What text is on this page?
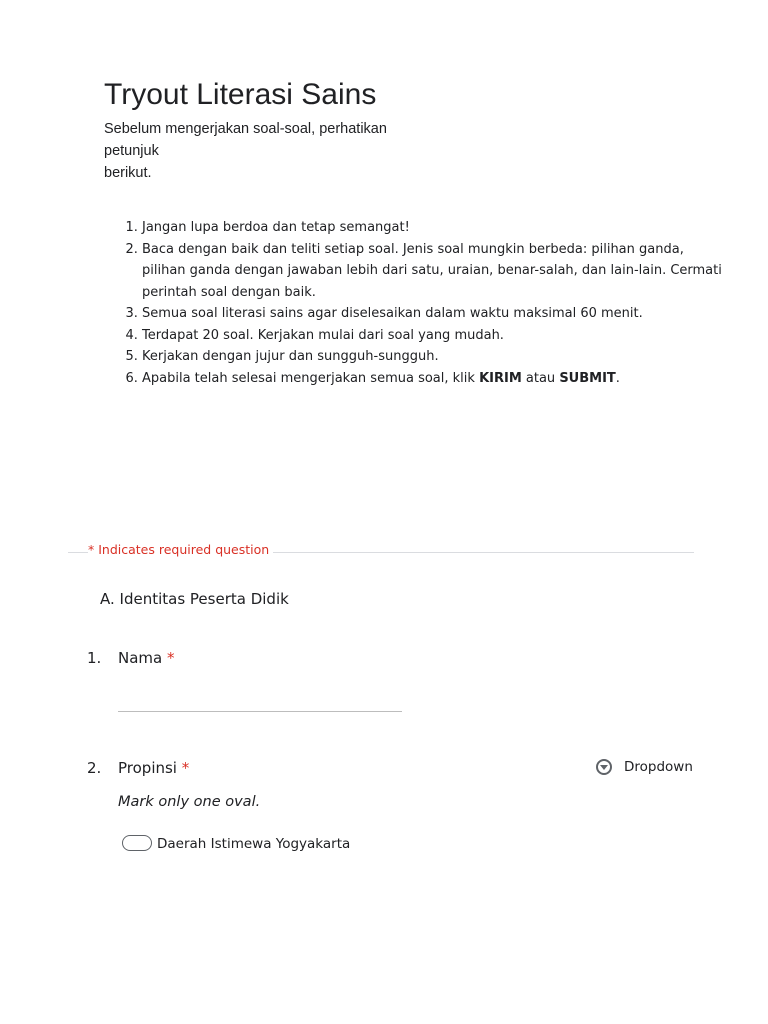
Tryout Literasi Sains
Sebelum mengerjakan soal-soal, perhatikan petunjuk
berikut.
1. Jangan lupa berdoa dan tetap semangat!
2. Baca dengan baik dan teliti setiap soal. Jenis soal mungkin berbeda: pilihan ganda, pilihan ganda dengan jawaban lebih dari satu, uraian, benar-salah, dan lain-lain. Cermati perintah soal dengan baik.
3. Semua soal literasi sains agar diselesaikan dalam waktu maksimal 60 menit.
4. Terdapat 20 soal. Kerjakan mulai dari soal yang mudah.
5. Kerjakan dengan jujur dan sungguh-sungguh.
6. Apabila telah selesai mengerjakan semua soal, klik KIRIM atau SUBMIT.
* Indicates required question
A. Identitas Peserta Didik
1. Nama *
2. Propinsi *	Dropdown
Mark only one oval.
Daerah Istimewa Yogyakarta
